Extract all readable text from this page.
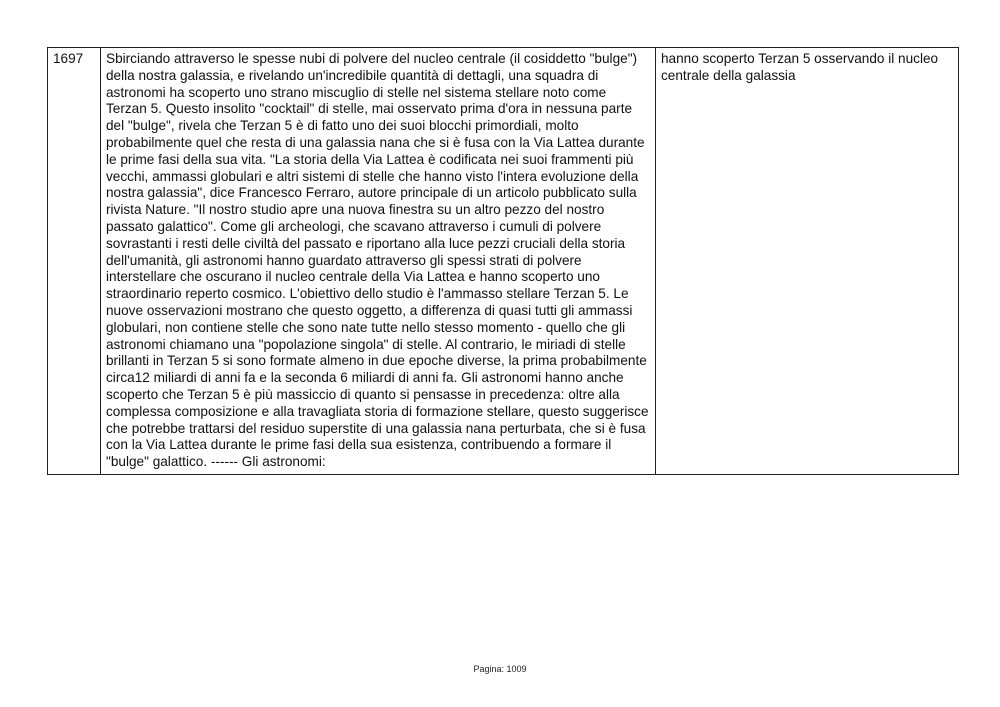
1697	Sbirciando attraverso le spesse nubi di polvere del nucleo centrale (il cosiddetto "bulge") della nostra galassia, e rivelando un'incredibile quantità di dettagli, una squadra di astronomi ha scoperto uno strano miscuglio di stelle nel sistema stellare noto come Terzan 5. Questo insolito "cocktail" di stelle, mai osservato prima d'ora in nessuna parte del "bulge", rivela che Terzan 5 è di fatto uno dei suoi blocchi primordiali, molto probabilmente quel che resta di una galassia nana che si è fusa con la Via Lattea durante le prime fasi della sua vita. "La storia della Via Lattea è codificata nei suoi frammenti più vecchi, ammassi globulari e altri sistemi di stelle che hanno visto l'intera evoluzione della nostra galassia", dice Francesco Ferraro, autore principale di un articolo pubblicato sulla rivista Nature. "Il nostro studio apre una nuova finestra su un altro pezzo del nostro passato galattico". Come gli archeologi, che scavano attraverso i cumuli di polvere sovrastanti i resti delle civiltà del passato e riportano alla luce pezzi cruciali della storia dell'umanità, gli astronomi hanno guardato attraverso gli spessi strati di polvere interstellare che oscurano il nucleo centrale della Via Lattea e hanno scoperto uno straordinario reperto cosmico. L'obiettivo dello studio è l'ammasso stellare Terzan 5. Le nuove osservazioni mostrano che questo oggetto, a differenza di quasi tutti gli ammassi globulari, non contiene stelle che sono nate tutte nello stesso momento - quello che gli astronomi chiamano una "popolazione singola" di stelle. Al contrario, le miriadi di stelle brillanti in Terzan 5 si sono formate almeno in due epoche diverse, la prima probabilmente circa12 miliardi di anni fa e la seconda 6 miliardi di anni fa. Gli astronomi hanno anche scoperto che Terzan 5 è più massiccio di quanto si pensasse in precedenza: oltre alla complessa composizione e alla travagliata storia di formazione stellare, questo suggerisce che potrebbe trattarsi del residuo superstite di una galassia nana perturbata, che si è fusa con la Via Lattea durante le prime fasi della sua esistenza, contribuendo a formare il "bulge" galattico. ------ Gli astronomi:	hanno scoperto Terzan 5 osservando il nucleo centrale della galassia
Pagina: 1009
